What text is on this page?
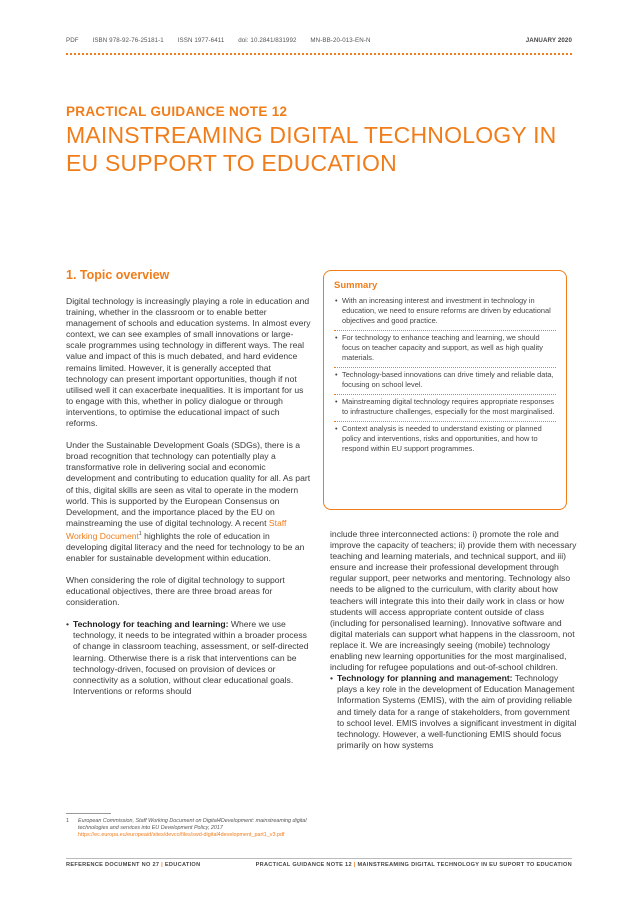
PDF ISBN 978-92-76-25181-1 ISSN 1977-6411 doi: 10.2841/831992 MN-BB-20-013-EN-N	JANUARY 2020
PRACTICAL GUIDANCE NOTE 12
MAINSTREAMING DIGITAL TECHNOLOGY IN EU SUPPORT TO EDUCATION
1. Topic overview

Digital technology is increasingly playing a role in education and training, whether in the classroom or to enable better management of schools and education systems. In almost every context, we can see examples of small innovations or large-scale programmes using technology in different ways. The real value and impact of this is much debated, and hard evidence remains limited. However, it is generally accepted that technology can present important opportunities, though if not utilised well it can exacerbate inequalities. It is important for us to engage with this, whether in policy dialogue or through interventions, to optimise the educational impact of such reforms.

Under the Sustainable Development Goals (SDGs), there is a broad recognition that technology can potentially play a transformative role in delivering social and economic development and contributing to education quality for all. As part of this, digital skills are seen as vital to operate in the modern world. This is supported by the European Consensus on Development, and the importance placed by the EU on mainstreaming the use of digital technology. A recent Staff Working Document$^1$ highlights the role of education in developing digital literacy and the need for technology to be an enabler for sustainable development within education.

When considering the role of digital technology to support educational objectives, there are three broad areas for consideration.

• Technology for teaching and learning: Where we use technology, it needs to be integrated within a broader process of change in classroom teaching, assessment, or self-directed learning. Otherwise there is a risk that interventions can be technology-driven, focused on provision of devices or connectivity as a solution, without clear educational goals. Interventions or reforms should
Summary
• With an increasing interest and investment in technology in education, we need to ensure reforms are driven by educational objectives and good practice.
• For technology to enhance teaching and learning, we should focus on teacher capacity and support, as well as high quality materials.
• Technology-based innovations can drive timely and reliable data, focusing on school level.
• Mainstreaming digital technology requires appropriate responses to infrastructure challenges, especially for the most marginalised.
• Context analysis is needed to understand existing or planned policy and interventions, risks and opportunities, and how to respond within EU support programmes.

include three interconnected actions: i) promote the role and improve the capacity of teachers; ii) provide them with necessary teaching and learning materials, and technical support, and iii) ensure and increase their professional development through regular support, peer networks and mentoring. Technology also needs to be aligned to the curriculum, with clarity about how teachers will integrate this into their daily work in class or how students will access appropriate content outside of class (including for personalised learning). Innovative software and digital materials can support what happens in the classroom, not replace it. We are increasingly seeing (mobile) technology enabling new learning opportunities for the most marginalised, including for refugee populations and out-of-school children.

• Technology for planning and management: Technology plays a key role in the development of Education Management Information Systems (EMIS), with the aim of providing reliable and timely data for a range of stakeholders, from government to school level. EMIS involves a significant investment in digital technology. However, a well-functioning EMIS should focus primarily on how systems
1	European Commission, Staff Working Document on Digital4Development: mainstreaming digital technologies and services into EU Development Policy, 2017 https://ec.europa.eu/europeaid/sites/devco/files/swd-digital4development_part1_v3.pdf
REFERENCE DOCUMENT NO 27 | EDUCATION	PRACTICAL GUIDANCE NOTE 12 | MAINSTREAMING DIGITAL TECHNOLOGY IN EU SUPORT TO EDUCATION
